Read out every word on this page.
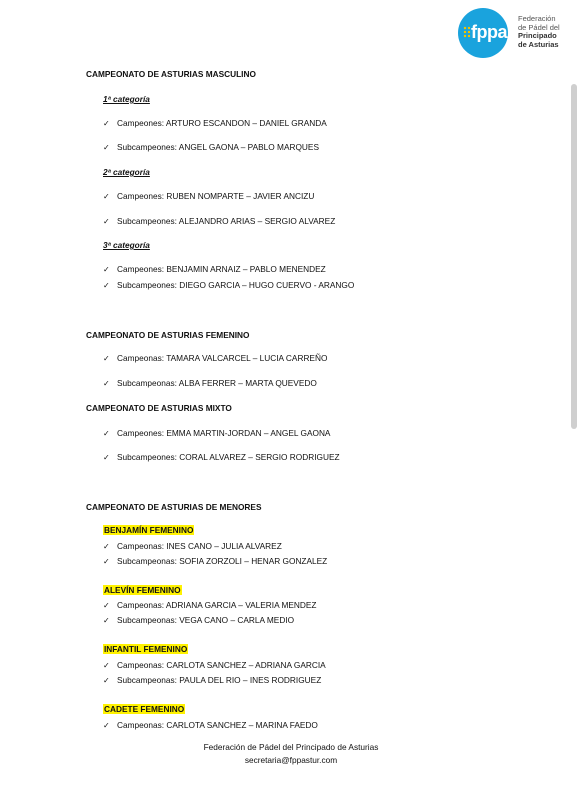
fppa
Federación
de Pádel del
Principado
de Asturias
CAMPEONATO DE ASTURIAS MASCULINO
1ª categoría
✓ Campeones: ARTURO ESCANDON – DANIEL GRANDA
✓ Subcampeones: ANGEL GAONA – PABLO MARQUES
2ª categoría
✓ Campeones: RUBEN NOMPARTE – JAVIER ANCIZU
✓ Subcampeones: ALEJANDRO ARIAS – SERGIO ALVAREZ
3ª categoría
✓ Campeones: BENJAMIN ARNAIZ – PABLO MENENDEZ
✓ Subcampeones: DIEGO GARCIA – HUGO CUERVO - ARANGO
CAMPEONATO DE ASTURIAS FEMENINO
✓ Campeonas: TAMARA VALCARCEL – LUCIA CARREÑO
✓ Subcampeonas: ALBA FERRER – MARTA QUEVEDO
CAMPEONATO DE ASTURIAS MIXTO
✓ Campeones: EMMA MARTIN-JORDAN – ANGEL GAONA
✓ Subcampeones: CORAL ALVAREZ – SERGIO RODRIGUEZ
CAMPEONATO DE ASTURIAS DE MENORES
BENJAMÍN FEMENINO
✓ Campeonas: INES CANO – JULIA ALVAREZ
✓ Subcampeonas: SOFIA ZORZOLI – HENAR GONZALEZ
ALEVÍN FEMENINO
✓ Campeonas: ADRIANA GARCIA – VALERIA MENDEZ
✓ Subcampeonas: VEGA CANO – CARLA MEDIO
INFANTIL FEMENINO
✓ Campeonas: CARLOTA SANCHEZ – ADRIANA GARCIA
✓ Subcampeonas: PAULA DEL RIO – INES RODRIGUEZ
CADETE FEMENINO
✓ Campeonas: CARLOTA SANCHEZ – MARINA FAEDO
Federación de Pádel del Principado de Asturias
secretaria@fppastur.com
